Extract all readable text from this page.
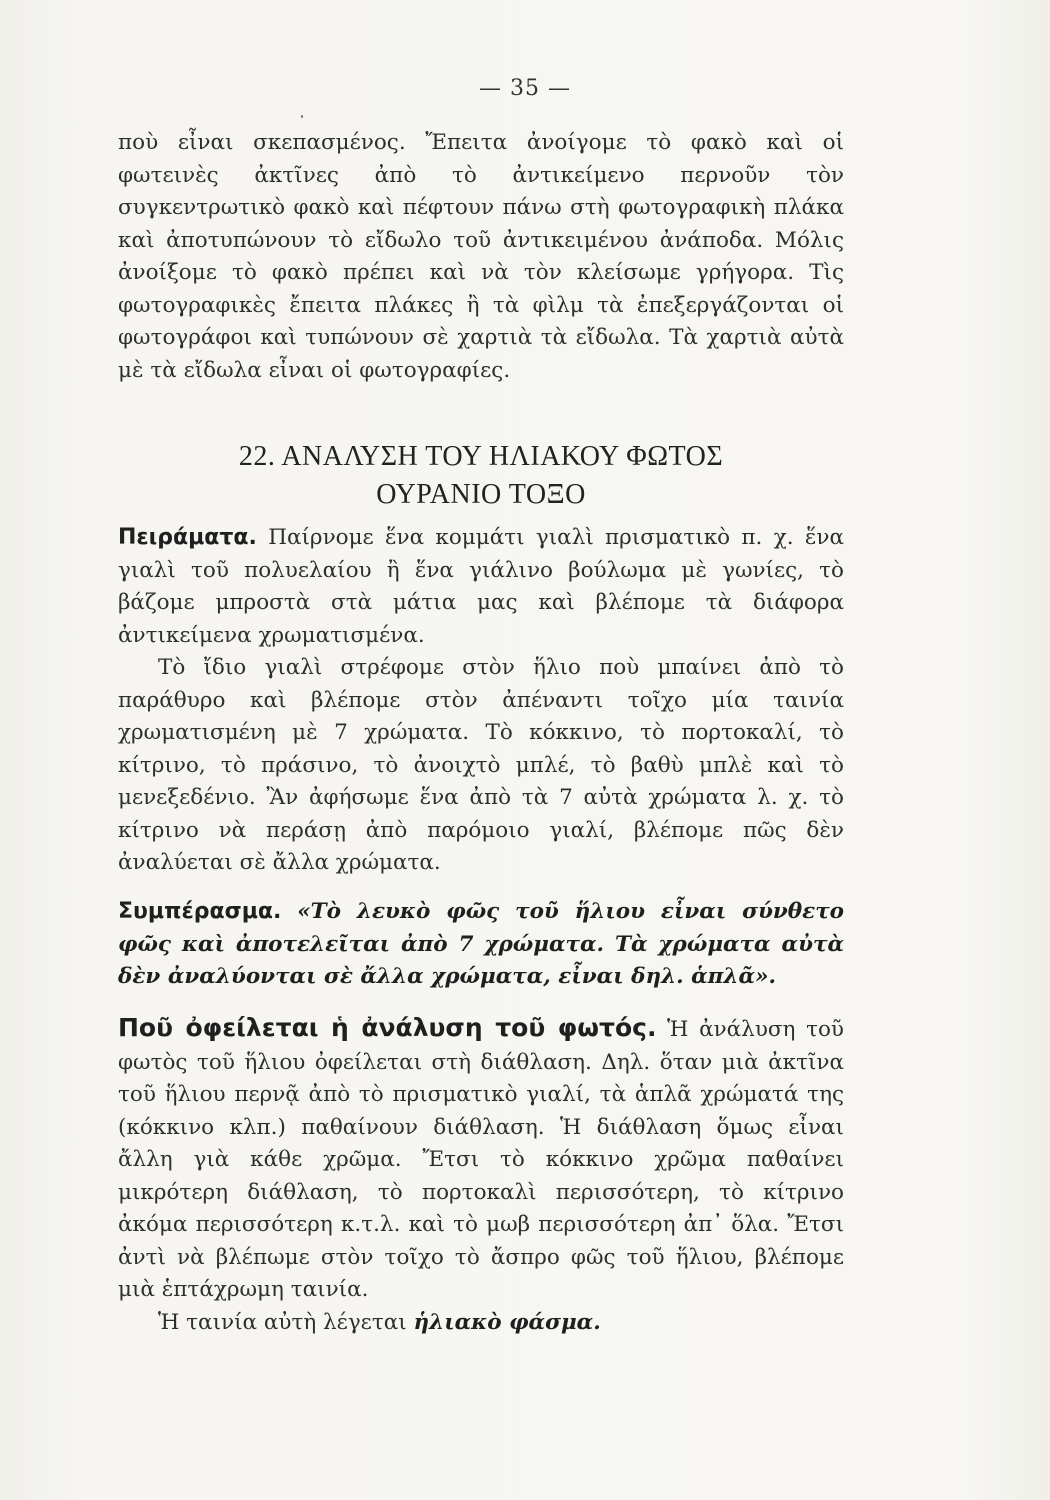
— 35 —

ποὺ εἶναι σκεπασμένος. Ἔπειτα ἀνοίγομε τὸ φακὸ καὶ οἱ φωτεινὲς ἀκτῖνες ἀπὸ τὸ ἀντικείμενο περνοῦν τὸν συγκεντρωτικὸ φακὸ καὶ πέφτουν πάνω στὴ φωτογραφικὴ πλάκα καὶ ἀποτυπώνουν τὸ εἴδωλο τοῦ ἀντικειμένου ἀνάποδα. Μόλις ἀνοίξομε τὸ φακὸ πρέπει καὶ νὰ τὸν κλείσωμε γρήγορα. Τὶς φωτογραφικὲς ἔπειτα πλάκες ἢ τὰ φὶλμ τὰ ἐπεξεργάζονται οἱ φωτογράφοι καὶ τυπώνουν σὲ χαρτιὰ τὰ εἴδωλα. Τὰ χαρτιὰ αὐτὰ μὲ τὰ εἴδωλα εἶναι οἱ φωτογραφίες.

22. ΑΝΑΛΥΣΗ ΤΟΥ ΗΛΙΑΚΟΥ ΦΩΤΟΣ
ΟΥΡΑΝΙΟ ΤΟΞΟ

Πειράματα. Παίρνομε ἕνα κομμάτι γιαλὶ πρισματικὸ π. χ. ἕνα γιαλὶ τοῦ πολυελαίου ἢ ἕνα γιάλινο βούλωμα μὲ γωνίες, τὸ βάζομε μπροστὰ στὰ μάτια μας καὶ βλέπομε τὰ διάφορα ἀντικείμενα χρωματισμένα.

Τὸ ἴδιο γιαλὶ στρέφομε στὸν ἥλιο ποὺ μπαίνει ἀπὸ τὸ παράθυρο καὶ βλέπομε στὸν ἀπέναντι τοῖχο μία ταινία χρωματισμένη μὲ 7 χρώματα. Τὸ κόκκινο, τὸ πορτοκαλί, τὸ κίτρινο, τὸ πράσινο, τὸ ἀνοιχτὸ μπλέ, τὸ βαθὺ μπλὲ καὶ τὸ μενεξεδένιο. Ἂν ἀφήσωμε ἕνα ἀπὸ τὰ 7 αὐτὰ χρώματα λ. χ. τὸ κίτρινο νὰ περάσῃ ἀπὸ παρόμοιο γιαλί, βλέπομε πῶς δὲν ἀναλύεται σὲ ἄλλα χρώματα.

Συμπέρασμα. «Τὸ λευκὸ φῶς τοῦ ἥλιου εἶναι σύνθετο φῶς καὶ ἀποτελεῖται ἀπὸ 7 χρώματα. Τὰ χρώματα αὐτὰ δὲν ἀναλύονται σὲ ἄλλα χρώματα, εἶναι δηλ. ἁπλᾶ».

Ποῦ ὀφείλεται ἡ ἀνάλυση τοῦ φωτός. Ἡ ἀνάλυση τοῦ φωτὸς τοῦ ἥλιου ὀφείλεται στὴ διάθλαση. Δηλ. ὅταν μιὰ ἀκτῖνα τοῦ ἥλιου περνᾷ ἀπὸ τὸ πρισματικὸ γιαλί, τὰ ἁπλᾶ χρώματά της (κόκκινο κλπ.) παθαίνουν διάθλαση. Ἡ διάθλαση ὅμως εἶναι ἄλλη γιὰ κάθε χρῶμα. Ἔτσι τὸ κόκκινο χρῶμα παθαίνει μικρότερη διάθλαση, τὸ πορτοκαλὶ περισσότερη, τὸ κίτρινο ἀκόμα περισσότερη κ.τ.λ. καὶ τὸ μωβ περισσότερη ἀπ᾽ ὅλα. Ἔτσι ἀντὶ νὰ βλέπωμε στὸν τοῖχο τὸ ἄσπρο φῶς τοῦ ἥλιου, βλέπομε μιὰ ἑπτάχρωμη ταινία.

Ἡ ταινία αὐτὴ λέγεται ἡλιακὸ φάσμα.
